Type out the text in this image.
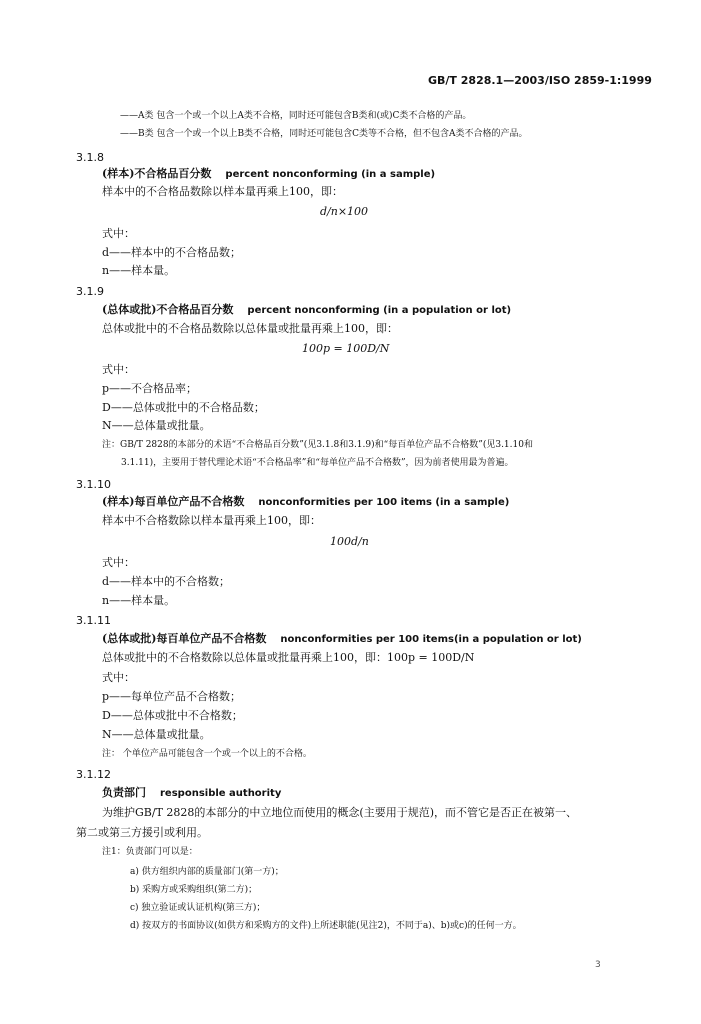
GB/T 2828.1—2003/ISO 2859-1:1999
——A类 包含一个或一个以上A类不合格，同时还可能包含B类和(或)C类不合格的产品。
——B类 包含一个或一个以上B类不合格，同时还可能包含C类等不合格，但不包含A类不合格的产品。
3.1.8
(样本)不合格品百分数 percent nonconforming (in a sample)
样本中的不合格品数除以样本量再乘上100，即：
d/n×100
式中：
d——样本中的不合格品数；
n——样本量。
3.1.9
(总体或批)不合格品百分数 percent nonconforming (in a population or lot)
总体或批中的不合格品数除以总体量或批量再乘上100，即：
100p = 100D/N
式中：
p——不合格品率；
D——总体或批中的不合格品数；
N——总体量或批量。
注：GB/T 2828的本部分的术语“不合格品百分数”(见3.1.8和3.1.9)和“每百单位产品不合格数”(见3.1.10和
3.1.11)，主要用于替代理论术语“不合格品率”和“每单位产品不合格数”，因为前者使用最为普遍。
3.1.10
(样本)每百单位产品不合格数 nonconformities per 100 items (in a sample)
样本中不合格数除以样本量再乘上100，即：
100d/n
式中：
d——样本中的不合格数；
n——样本量。
3.1.11
(总体或批)每百单位产品不合格数 nonconformities per 100 items(in a population or lot)
总体或批中的不合格数除以总体量或批量再乘上100，即：100p = 100D/N
式中：
p——每单位产品不合格数；
D——总体或批中不合格数；
N——总体量或批量。
注： 个单位产品可能包含一个或一个以上的不合格。
3.1.12
负责部门 responsible authority
为维护GB/T 2828的本部分的中立地位而使用的概念(主要用于规范)，而不管它是否正在被第一、
第二或第三方援引或利用。
注1：负责部门可以是：
a) 供方组织内部的质量部门(第一方)；
b) 采购方或采购组织(第二方)；
c) 独立验证或认证机构(第三方)；
d) 按双方的书面协议(如供方和采购方的文件)上所述职能(见注2)，不同于a)、b)或c)的任何一方。
3
